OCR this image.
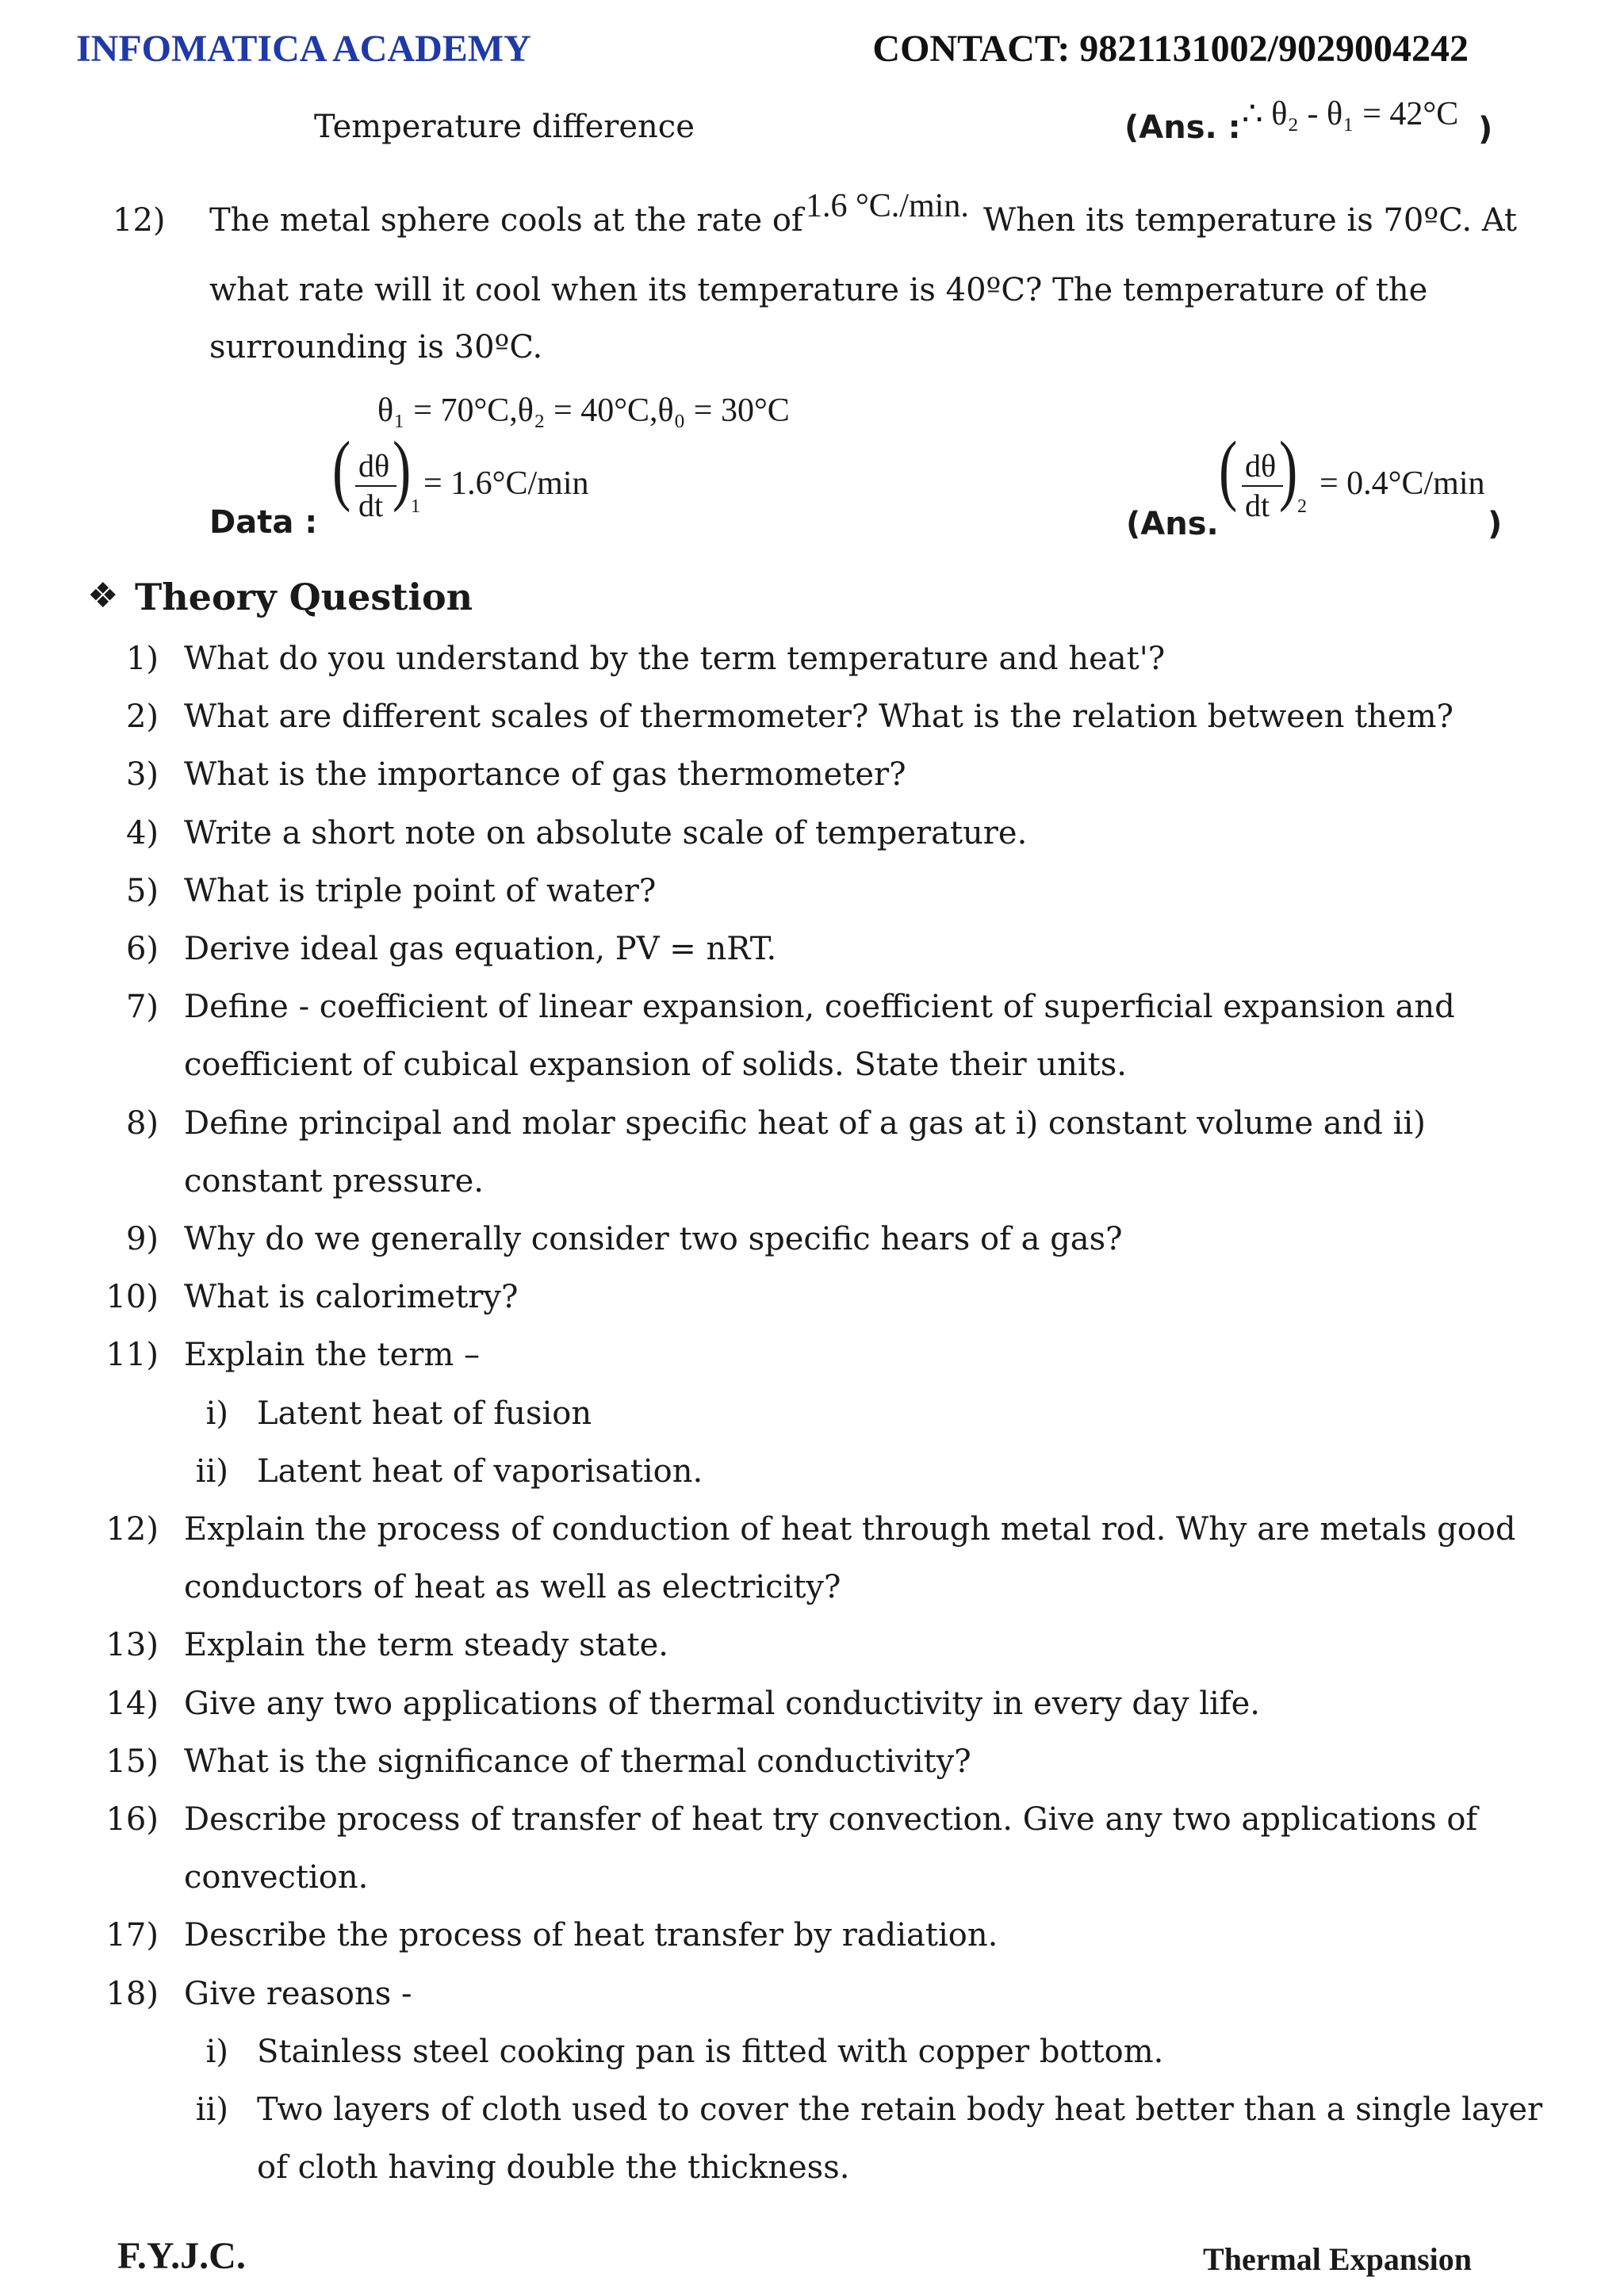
INFOMATICA ACADEMY	CONTACT: 9821131002/9029004242
Temperature difference	(Ans. : ∴ θ₂ - θ₁ = 42°C )
12) The metal sphere cools at the rate of 1.6 °C./min. When its temperature is 70ºC. At
what rate will it cool when its temperature is 40ºC? The temperature of the
surrounding is 30ºC.
θ₁ = 70°C,θ₂ = 40°C,θ₀ = 30°C
Data :
( dθ
dt ) 1
= 1.6°C/min
(Ans.
( dθ
dt ) 2
= 0.4°C/min
)
❖ Theory Question
1) What do you understand by the term temperature and heat'?
2) What are different scales of thermometer? What is the relation between them?
3) What is the importance of gas thermometer?
4) Write a short note on absolute scale of temperature.
5) What is triple point of water?
6) Derive ideal gas equation, PV = nRT.
7) Define - coefficient of linear expansion, coefficient of superficial expansion and
coefficient of cubical expansion of solids. State their units.
8) Define principal and molar specific heat of a gas at i) constant volume and ii)
constant pressure.
9) Why do we generally consider two specific hears of a gas?
10) What is calorimetry?
11) Explain the term –
i) Latent heat of fusion
ii) Latent heat of vaporisation.
12) Explain the process of conduction of heat through metal rod. Why are metals good
conductors of heat as well as electricity?
13) Explain the term steady state.
14) Give any two applications of thermal conductivity in every day life.
15) What is the significance of thermal conductivity?
16) Describe process of transfer of heat try convection. Give any two applications of
convection.
17) Describe the process of heat transfer by radiation.
18) Give reasons -
i) Stainless steel cooking pan is fitted with copper bottom.
ii) Two layers of cloth used to cover the retain body heat better than a single layer
of cloth having double the thickness.
F.Y.J.C.	Thermal Expansion
